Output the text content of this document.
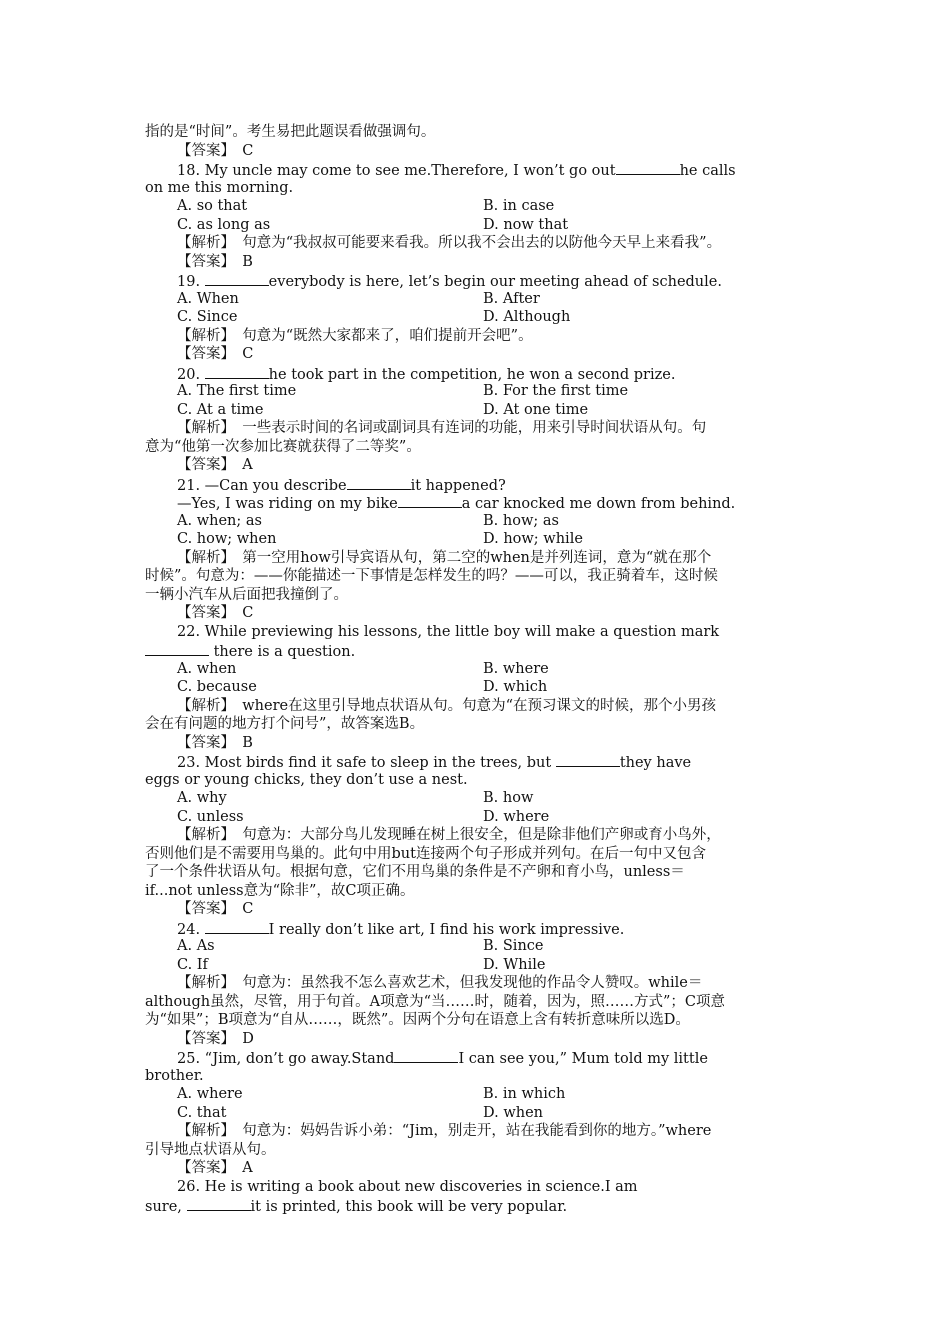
指的是“时间”。考生易把此题误看做强调句。
【答案】　C
18. My uncle may come to see me.Therefore, I won’t go out	he calls
on me this morning.
A. so that	B. in case
C. as long as	D. now that
【解析】　句意为“我叔叔可能要来看我。所以我不会出去的以防他今天早上来看我”。
【答案】　B
19.	everybody is here, let’s begin our meeting ahead of schedule.
A. When	B. After
C. Since	D. Although
【解析】　句意为“既然大家都来了，咱们提前开会吧”。
【答案】　C
20.	he took part in the competition, he won a second prize.
A. The first time	B. For the first time
C. At a time	D. At one time
【解析】　一些表示时间的名词或副词具有连词的功能，用来引导时间状语从句。句
意为“他第一次参加比赛就获得了二等奖”。
【答案】　A
21. —Can you describe	it happened?
—Yes, I was riding on my bike	a car knocked me down from behind.
A. when; as	B. how; as
C. how; when	D. how; while
【解析】　第一空用how引导宾语从句，第二空的when是并列连词，意为“就在那个
时候”。句意为：——你能描述一下事情是怎样发生的吗？——可以，我正骑着车，这时候
一辆小汽车从后面把我撞倒了。
【答案】　C
22. While previewing his lessons, the little boy will make a question mark
there is a question.
A. when	B. where
C. because	D. which
【解析】　where在这里引导地点状语从句。句意为“在预习课文的时候，那个小男孩
会在有问题的地方打个问号”，故答案选B。
【答案】　B
23. Most birds find it safe to sleep in the trees, but	they have
eggs or young chicks, they don’t use a nest.
A. why	B. how
C. unless	D. where
【解析】　句意为：大部分鸟儿发现睡在树上很安全，但是除非他们产卵或育小鸟外，
否则他们是不需要用鸟巢的。此句中用but连接两个句子形成并列句。在后一句中又包含
了一个条件状语从句。根据句意，它们不用鸟巢的条件是不产卵和育小鸟，unless＝
if...not unless意为“除非”，故C项正确。
【答案】　C
24.	I really don’t like art, I find his work impressive.
A. As	B. Since
C. If	D. While
【解析】　句意为：虽然我不怎么喜欢艺术，但我发现他的作品令人赞叹。while＝
although虽然，尽管，用于句首。A项意为“当……时，随着，因为，照……方式”；C项意
为“如果”；B项意为“自从……，既然”。因两个分句在语意上含有转折意味所以选D。
【答案】　D
25. “Jim, don’t go away.Stand	I can see you,” Mum told my little
brother.
A. where	B. in which
C. that	D. when
【解析】　句意为：妈妈告诉小弟：“Jim，别走开，站在我能看到你的地方。”where
引导地点状语从句。
【答案】　A
26. He is writing a book about new discoveries in science.I am
sure,	it is printed, this book will be very popular.
